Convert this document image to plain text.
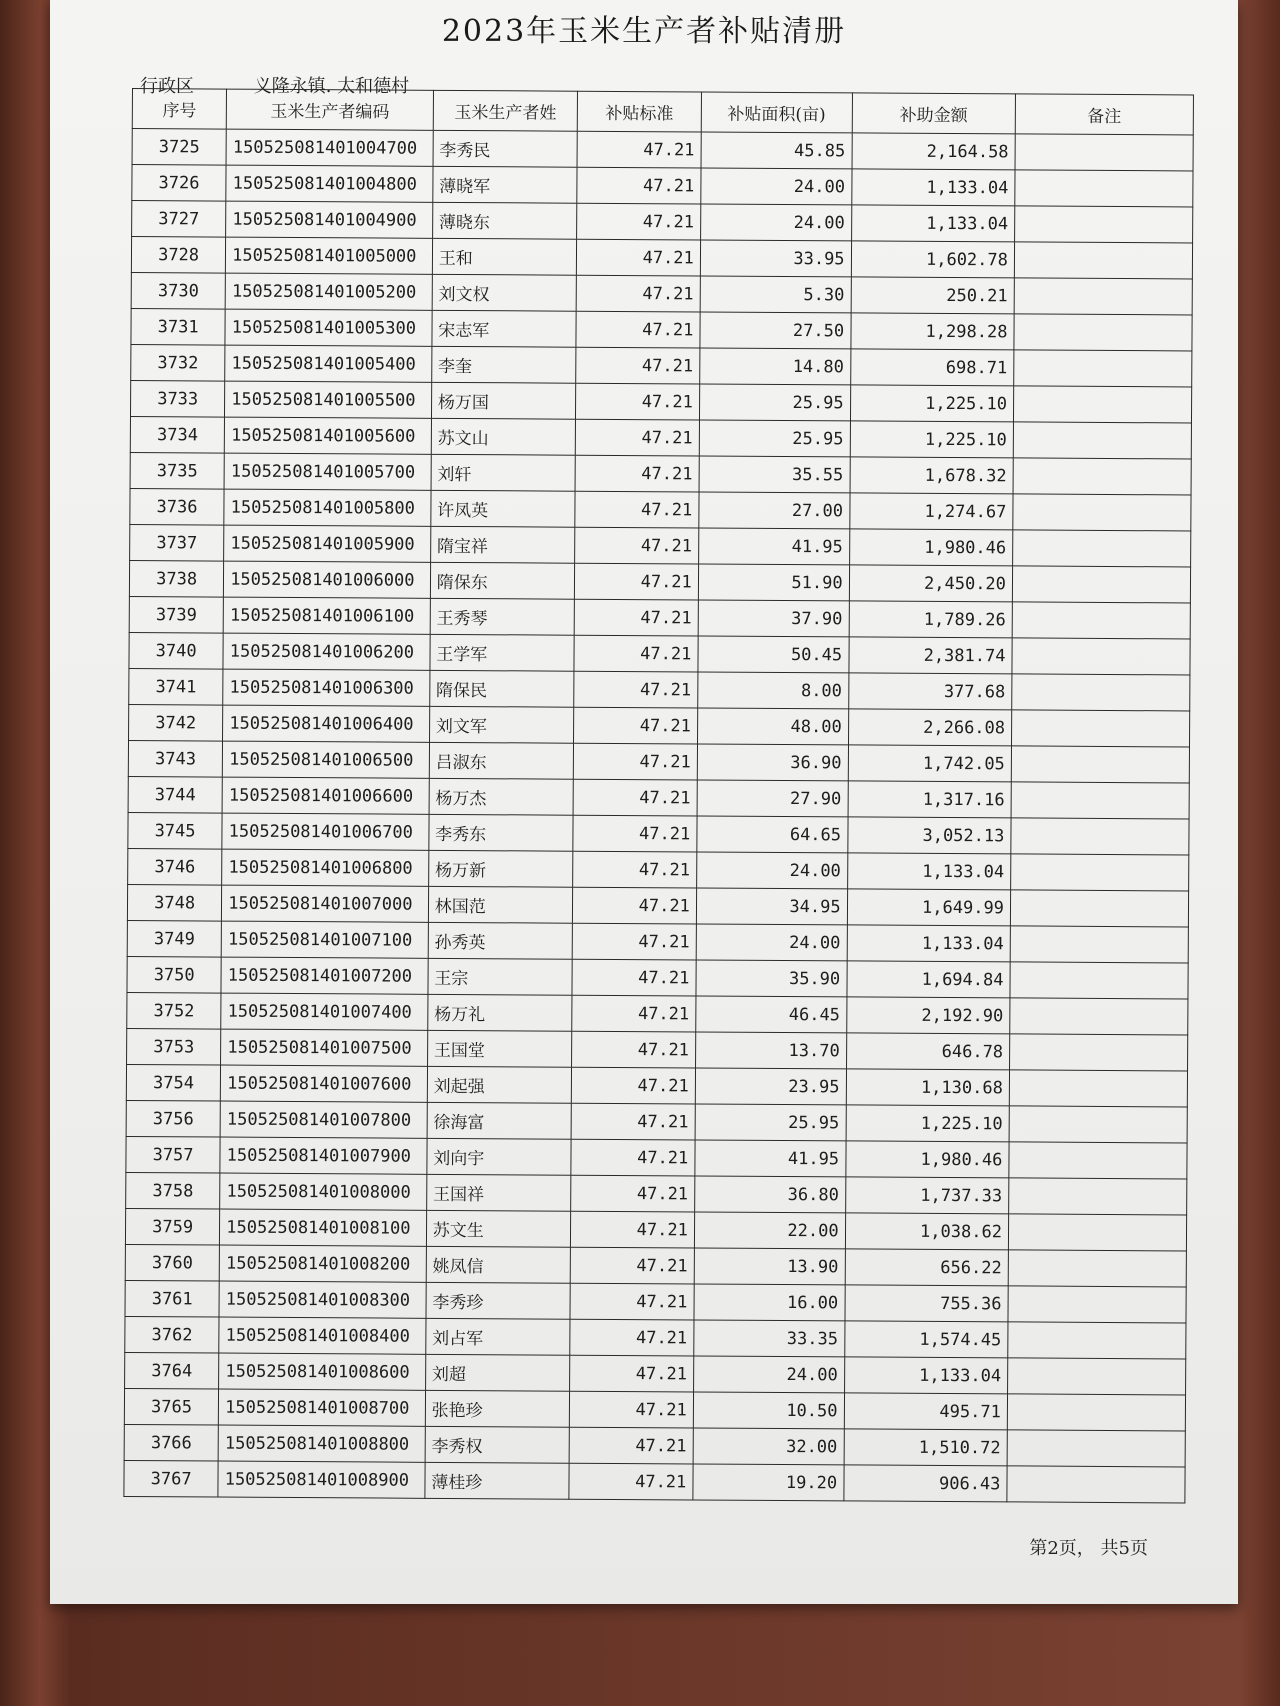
2023年玉米生产者补贴清册
行政区	义隆永镇. 太和德村
序号	玉米生产者编码	玉米生产者姓	补贴标准	补贴面积(亩)	补助金额	备注
3725	150525081401004700	李秀民	47.21	45.85	2,164.58	
3726	150525081401004800	薄晓军	47.21	24.00	1,133.04	
3727	150525081401004900	薄晓东	47.21	24.00	1,133.04	
3728	150525081401005000	王和	47.21	33.95	1,602.78	
3730	150525081401005200	刘文权	47.21	5.30	250.21	
3731	150525081401005300	宋志军	47.21	27.50	1,298.28	
3732	150525081401005400	李奎	47.21	14.80	698.71	
3733	150525081401005500	杨万国	47.21	25.95	1,225.10	
3734	150525081401005600	苏文山	47.21	25.95	1,225.10	
3735	150525081401005700	刘轩	47.21	35.55	1,678.32	
3736	150525081401005800	许凤英	47.21	27.00	1,274.67	
3737	150525081401005900	隋宝祥	47.21	41.95	1,980.46	
3738	150525081401006000	隋保东	47.21	51.90	2,450.20	
3739	150525081401006100	王秀琴	47.21	37.90	1,789.26	
3740	150525081401006200	王学军	47.21	50.45	2,381.74	
3741	150525081401006300	隋保民	47.21	8.00	377.68	
3742	150525081401006400	刘文军	47.21	48.00	2,266.08	
3743	150525081401006500	吕淑东	47.21	36.90	1,742.05	
3744	150525081401006600	杨万杰	47.21	27.90	1,317.16	
3745	150525081401006700	李秀东	47.21	64.65	3,052.13	
3746	150525081401006800	杨万新	47.21	24.00	1,133.04	
3748	150525081401007000	林国范	47.21	34.95	1,649.99	
3749	150525081401007100	孙秀英	47.21	24.00	1,133.04	
3750	150525081401007200	王宗	47.21	35.90	1,694.84	
3752	150525081401007400	杨万礼	47.21	46.45	2,192.90	
3753	150525081401007500	王国堂	47.21	13.70	646.78	
3754	150525081401007600	刘起强	47.21	23.95	1,130.68	
3756	150525081401007800	徐海富	47.21	25.95	1,225.10	
3757	150525081401007900	刘向宇	47.21	41.95	1,980.46	
3758	150525081401008000	王国祥	47.21	36.80	1,737.33	
3759	150525081401008100	苏文生	47.21	22.00	1,038.62	
3760	150525081401008200	姚凤信	47.21	13.90	656.22	
3761	150525081401008300	李秀珍	47.21	16.00	755.36	
3762	150525081401008400	刘占军	47.21	33.35	1,574.45	
3764	150525081401008600	刘超	47.21	24.00	1,133.04	
3765	150525081401008700	张艳珍	47.21	10.50	495.71	
3766	150525081401008800	李秀权	47.21	32.00	1,510.72	
3767	150525081401008900	薄桂珍	47.21	19.20	906.43	
第2页， 共5页
